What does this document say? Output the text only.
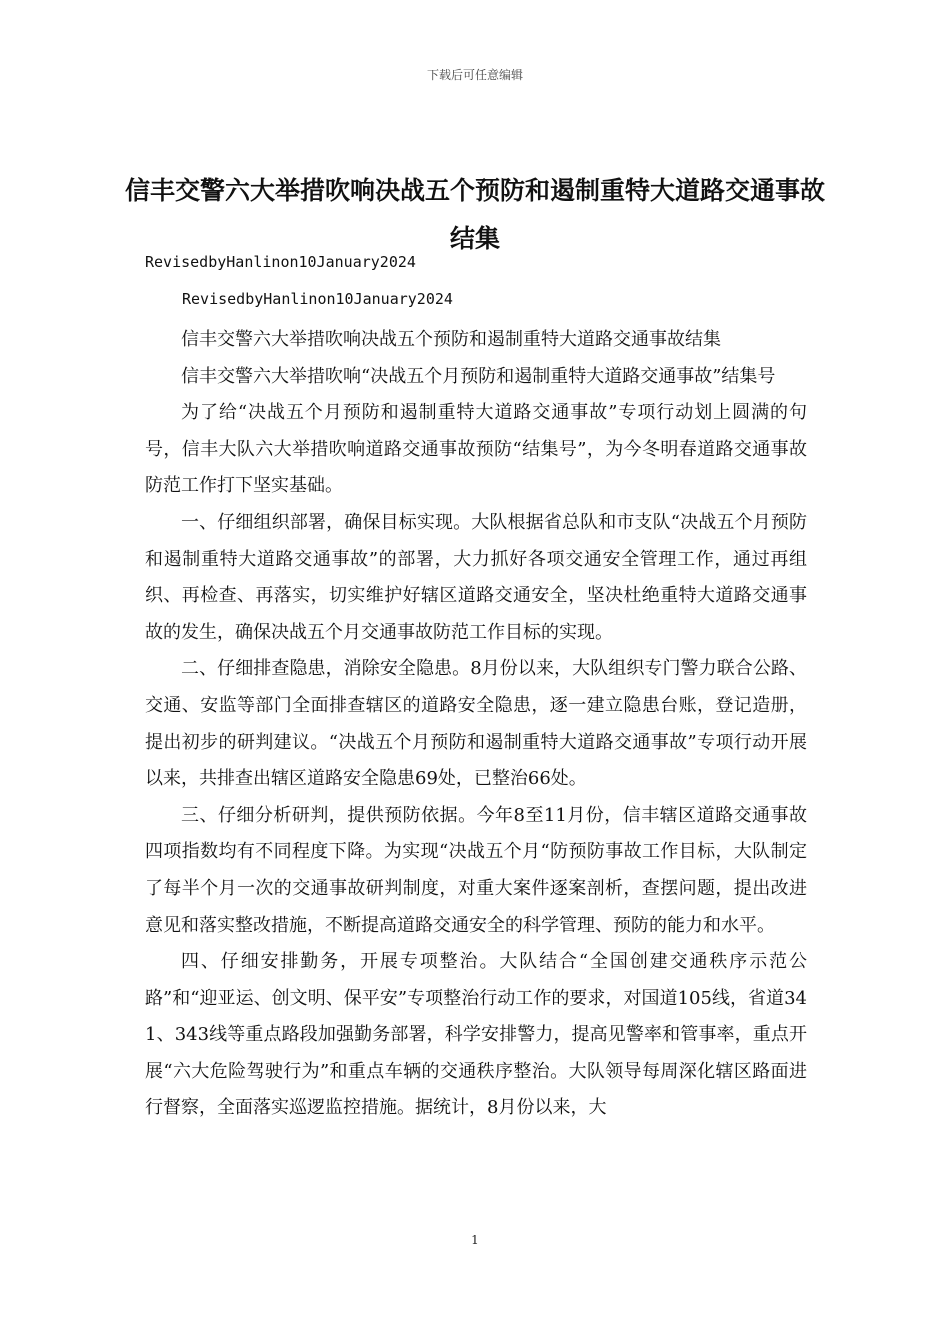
下载后可任意编辑
信丰交警六大举措吹响决战五个预防和遏制重特大道路交通事故结集
RevisedbyHanlinon10January2024
RevisedbyHanlinon10January2024

信丰交警六大举措吹响决战五个预防和遏制重特大道路交通事故结集

信丰交警六大举措吹响“决战五个月预防和遏制重特大道路交通事故”结集号

为了给“决战五个月预防和遏制重特大道路交通事故”专项行动划上圆满的句号，信丰大队六大举措吹响道路交通事故预防“结集号”，为今冬明春道路交通事故防范工作打下坚实基础。

一、仔细组织部署，确保目标实现。大队根据省总队和市支队“决战五个月预防和遏制重特大道路交通事故”的部署，大力抓好各项交通安全管理工作，通过再组织、再检查、再落实，切实维护好辖区道路交通安全，坚决杜绝重特大道路交通事故的发生，确保决战五个月交通事故防范工作目标的实现。

二、仔细排查隐患，消除安全隐患。8月份以来，大队组织专门警力联合公路、交通、安监等部门全面排查辖区的道路安全隐患，逐一建立隐患台账，登记造册，提出初步的研判建议。“决战五个月预防和遏制重特大道路交通事故”专项行动开展以来，共排查出辖区道路安全隐患69处，已整治66处。

三、仔细分析研判，提供预防依据。今年8至11月份，信丰辖区道路交通事故四项指数均有不同程度下降。为实现“决战五个月“防预防事故工作目标，大队制定了每半个月一次的交通事故研判制度，对重大案件逐案剖析，查摆问题，提出改进意见和落实整改措施，不断提高道路交通安全的科学管理、预防的能力和水平。

四、仔细安排勤务，开展专项整治。大队结合“全国创建交通秩序示范公路”和“迎亚运、创文明、保平安”专项整治行动工作的要求，对国道105线，省道341、343线等重点路段加强勤务部署，科学安排警力，提高见警率和管事率，重点开展“六大危险驾驶行为”和重点车辆的交通秩序整治。大队领导每周深化辖区路面进行督察，全面落实巡逻监控措施。据统计，8月份以来，大

1
